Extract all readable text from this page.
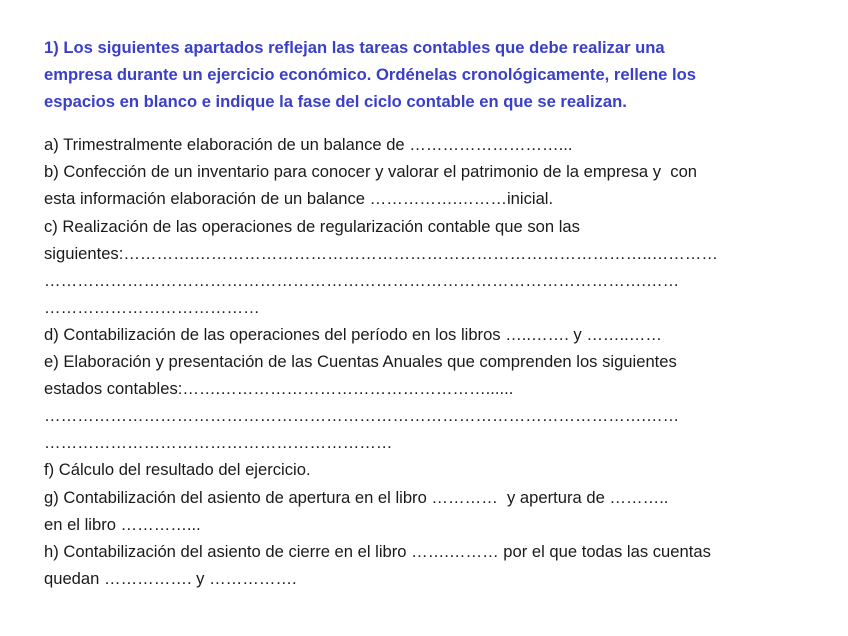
1) Los siguientes apartados reflejan las tareas contables que debe realizar una
empresa durante un ejercicio económico. Ordénelas cronológicamente, rellene los
espacios en blanco e indique la fase del ciclo contable en que se realizan.
a) Trimestralmente elaboración de un balance de ………………………...
b) Confección de un inventario para conocer y valorar el patrimonio de la empresa y  con
esta información elaboración de un balance …………….………inicial.
c) Realización de las operaciones de regularización contable que son las
siguientes:………….………………………………………………………………………..…………
……………………………………………………………………………………………….……
…………………………………
d) Contabilización de las operaciones del período en los libros …..……. y ……..……
e) Elaboración y presentación de las Cuentas Anuales que comprenden los siguientes
estados contables:…….…………………………………………......
……………………………………………………………………………………………….……
………………………………………………………
f) Cálculo del resultado del ejercicio.
g) Contabilización del asiento de apertura en el libro …………  y apertura de ………..
en el libro …………...
h) Contabilización del asiento de cierre en el libro …….……… por el que todas las cuentas
quedan ……………. y …………….
